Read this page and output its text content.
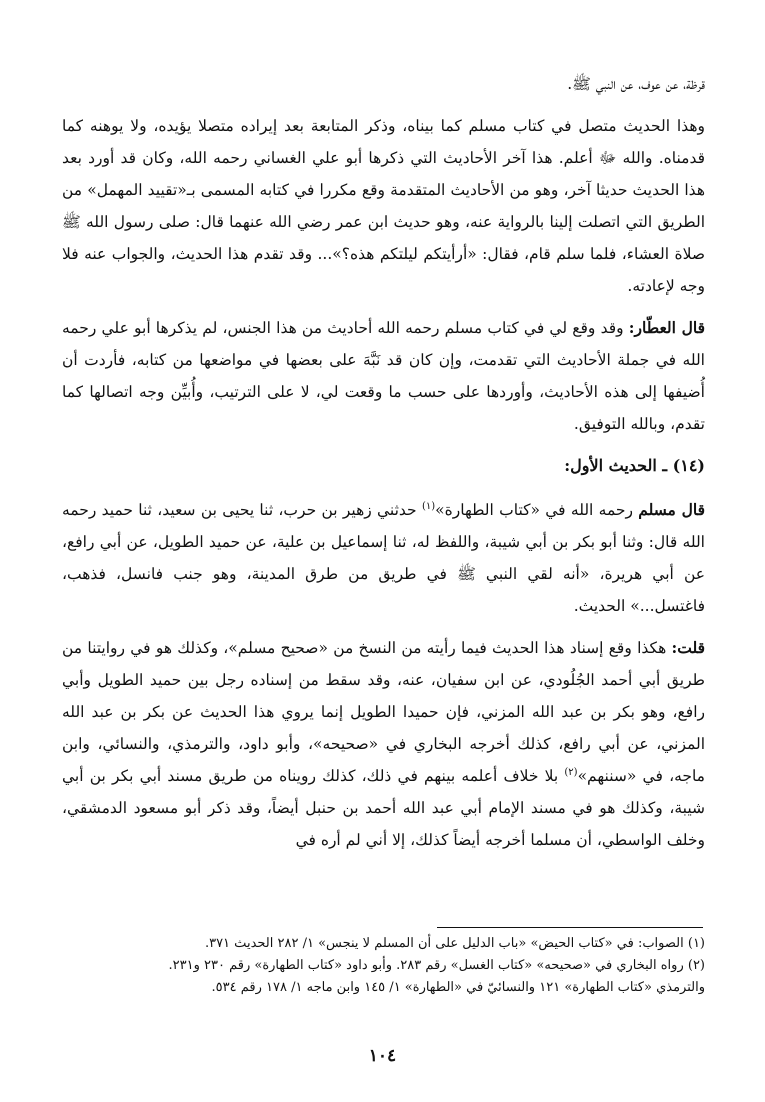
قرظة، عن عوف، عن النبي ﷺ.

وهذا الحديث متصل في كتاب مسلم كما بيناه، وذكر المتابعة بعد إيراده متصلا يؤيده، ولا يوهنه كما قدمناه. والله ﷻ أعلم. هذا آخر الأحاديث التي ذكرها أبو علي الغساني رحمه الله، وكان قد أورد بعد هذا الحديث حديثا آخر، وهو من الأحاديث المتقدمة وقع مكررا في كتابه المسمى بـ«تقييد المهمل» من الطريق التي اتصلت إلينا بالرواية عنه، وهو حديث ابن عمر رضي الله عنهما قال: صلى رسول الله ﷺ صلاة العشاء، فلما سلم قام، فقال: «أرأيتكم ليلتكم هذه؟»... وقد تقدم هذا الحديث، والجواب عنه فلا وجه لإعادته.

قال العطّار: وقد وقع لي في كتاب مسلم رحمه الله أحاديث من هذا الجنس، لم يذكرها أبو علي رحمه الله في جملة الأحاديث التي تقدمت، وإن كان قد نَبَّهَ على بعضها في مواضعها من كتابه، فأردت أن أُضيفها إلى هذه الأحاديث، وأوردها على حسب ما وقعت لي، لا على الترتيب، وأُبيِّن وجه اتصالها كما تقدم، وبالله التوفيق.

(١٤) ـ الحديث الأول:

قال مسلم رحمه الله في «كتاب الطهارة»$^{(١)}$ حدثني زهير بن حرب، ثنا يحيى بن سعيد، ثنا حميد رحمه الله قال: وثنا أبو بكر بن أبي شيبة، واللفظ له، ثنا إسماعيل بن علية، عن حميد الطويل، عن أبي رافع، عن أبي هريرة، «أنه لقي النبي ﷺ في طريق من طرق المدينة، وهو جنب فانسل، فذهب، فاغتسل...» الحديث.

قلت: هكذا وقع إسناد هذا الحديث فيما رأيته من النسخ من «صحيح مسلم»، وكذلك هو في روايتنا من طريق أبي أحمد الجُلُودي، عن ابن سفيان، عنه، وقد سقط من إسناده رجل بين حميد الطويل وأبي رافع، وهو بكر بن عبد الله المزني، فإن حميدا الطويل إنما يروي هذا الحديث عن بكر بن عبد الله المزني، عن أبي رافع، كذلك أخرجه البخاري في «صحيحه»، وأبو داود، والترمذي، والنسائي، وابن ماجه، في «سننهم»$^{(٢)}$ بلا خلاف أعلمه بينهم في ذلك، كذلك رويناه من طريق مسند أبي بكر بن أبي شيبة، وكذلك هو في مسند الإمام أبي عبد الله أحمد بن حنبل أيضاً، وقد ذكر أبو مسعود الدمشقي، وخلف الواسطي، أن مسلما أخرجه أيضاً كذلك، إلا أني لم أره في

(١) الصواب: في «كتاب الحيض» «باب الدليل على أن المسلم لا ينجس» ١/ ٢٨٢ الحديث ٣٧١.
(٢) رواه البخاري في «صحيحه» «كتاب الغسل» رقم ٢٨٣. وأبو داود «كتاب الطهارة» رقم ٢٣٠ و٢٣١.
والترمذي «كتاب الطهارة» ١٢١ والنسائيّ في «الطهارة» ١/ ١٤٥ وابن ماجه ١/ ١٧٨ رقم ٥٣٤.
١٠٤
